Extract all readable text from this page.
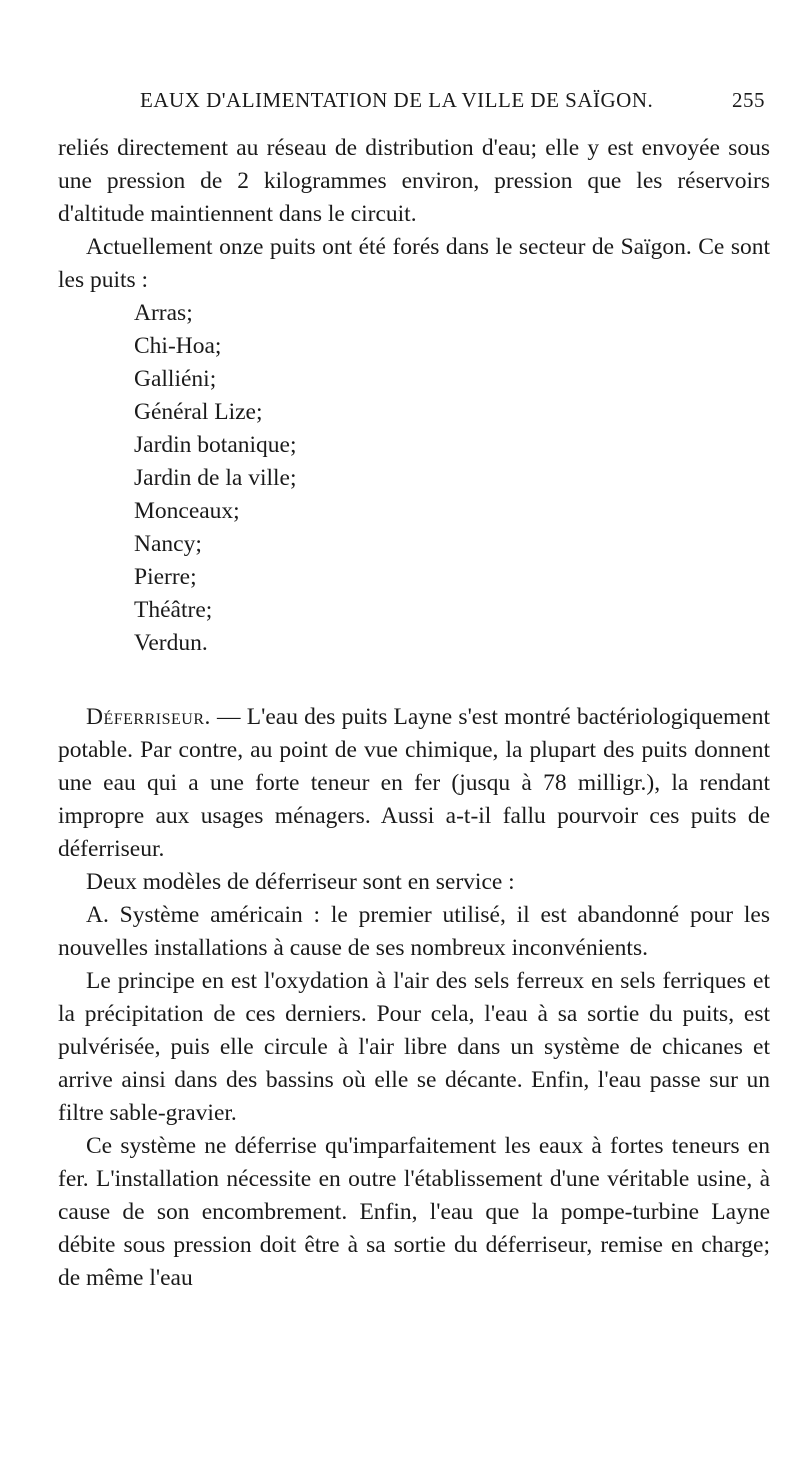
EAUX D'ALIMENTATION DE LA VILLE DE SAÏGON.	255

reliés directement au réseau de distribution d'eau; elle y est envoyée sous une pression de 2 kilogrammes environ, pression que les réservoirs d'altitude maintiennent dans le circuit.

Actuellement onze puits ont été forés dans le secteur de Saïgon. Ce sont les puits :

Arras;
Chi-Hoa;
Galliéni;
Général Lize;
Jardin botanique;
Jardin de la ville;
Monceaux;
Nancy;
Pierre;
Théâtre;
Verdun.

Déferriseur. — L'eau des puits Layne s'est montré bactériologiquement potable. Par contre, au point de vue chimique, la plupart des puits donnent une eau qui a une forte teneur en fer (jusqu à 78 milligr.), la rendant impropre aux usages ménagers. Aussi a-t-il fallu pourvoir ces puits de déferriseur.

Deux modèles de déferriseur sont en service :

A. Système américain : le premier utilisé, il est abandonné pour les nouvelles installations à cause de ses nombreux inconvénients.

Le principe en est l'oxydation à l'air des sels ferreux en sels ferriques et la précipitation de ces derniers. Pour cela, l'eau à sa sortie du puits, est pulvérisée, puis elle circule à l'air libre dans un système de chicanes et arrive ainsi dans des bassins où elle se décante. Enfin, l'eau passe sur un filtre sable-gravier.

Ce système ne déferrise qu'imparfaitement les eaux à fortes teneurs en fer. L'installation nécessite en outre l'établissement d'une véritable usine, à cause de son encombrement. Enfin, l'eau que la pompe-turbine Layne débite sous pression doit être à sa sortie du déferriseur, remise en charge; de même l'eau
